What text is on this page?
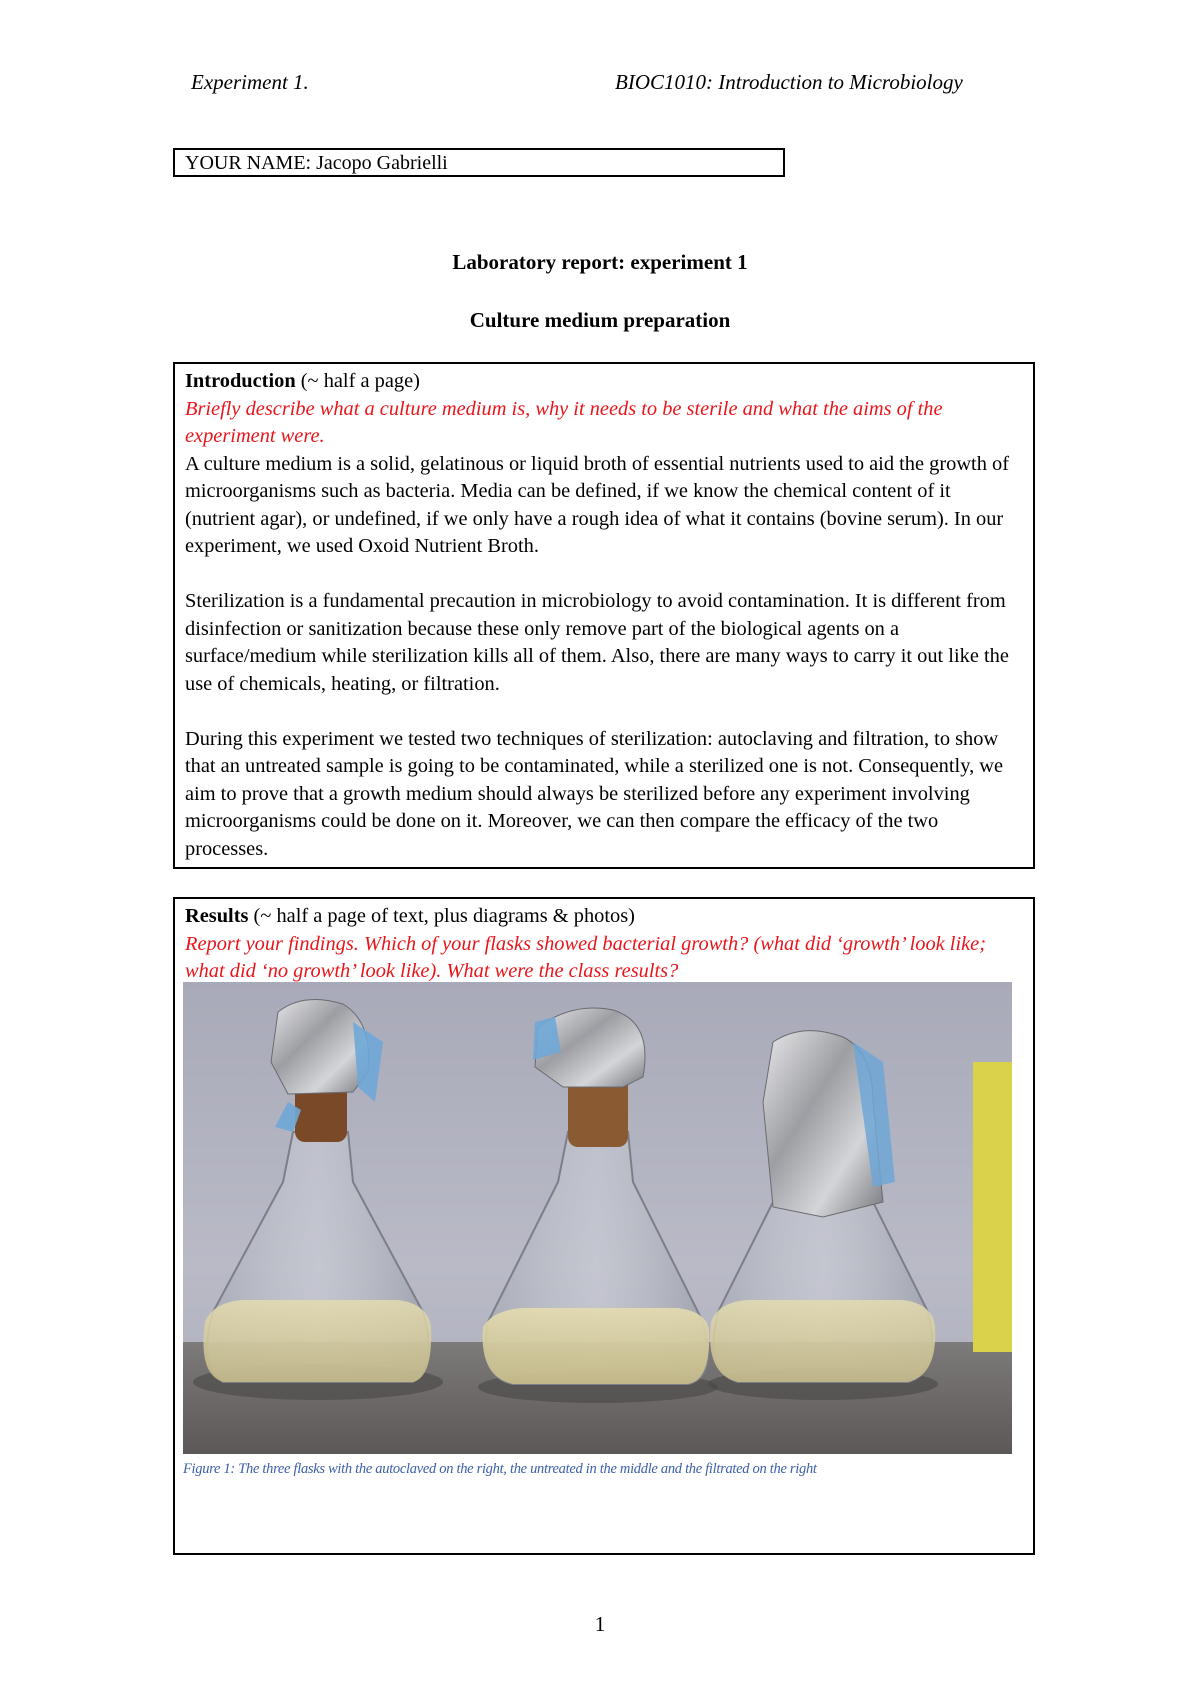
Experiment 1.	BIOC1010: Introduction to Microbiology
YOUR NAME: Jacopo Gabrielli
Laboratory report: experiment 1
Culture medium preparation
Introduction (~ half a page)
Briefly describe what a culture medium is, why it needs to be sterile and what the aims of the experiment were.

A culture medium is a solid, gelatinous or liquid broth of essential nutrients used to aid the growth of microorganisms such as bacteria. Media can be defined, if we know the chemical content of it (nutrient agar), or undefined, if we only have a rough idea of what it contains (bovine serum). In our experiment, we used Oxoid Nutrient Broth.

Sterilization is a fundamental precaution in microbiology to avoid contamination. It is different from disinfection or sanitization because these only remove part of the biological agents on a surface/medium while sterilization kills all of them. Also, there are many ways to carry it out like the use of chemicals, heating, or filtration.

During this experiment we tested two techniques of sterilization: autoclaving and filtration, to show that an untreated sample is going to be contaminated, while a sterilized one is not. Consequently, we aim to prove that a growth medium should always be sterilized before any experiment involving microorganisms could be done on it. Moreover, we can then compare the efficacy of the two processes.

Results (~ half a page of text, plus diagrams & photos)
Report your findings. Which of your flasks showed bacterial growth? (what did ‘growth’ look like; what did ‘no growth’ look like). What were the class results?
Figure 1: The three flasks with the autoclaved on the right, the untreated in the middle and the filtrated on the right
1
